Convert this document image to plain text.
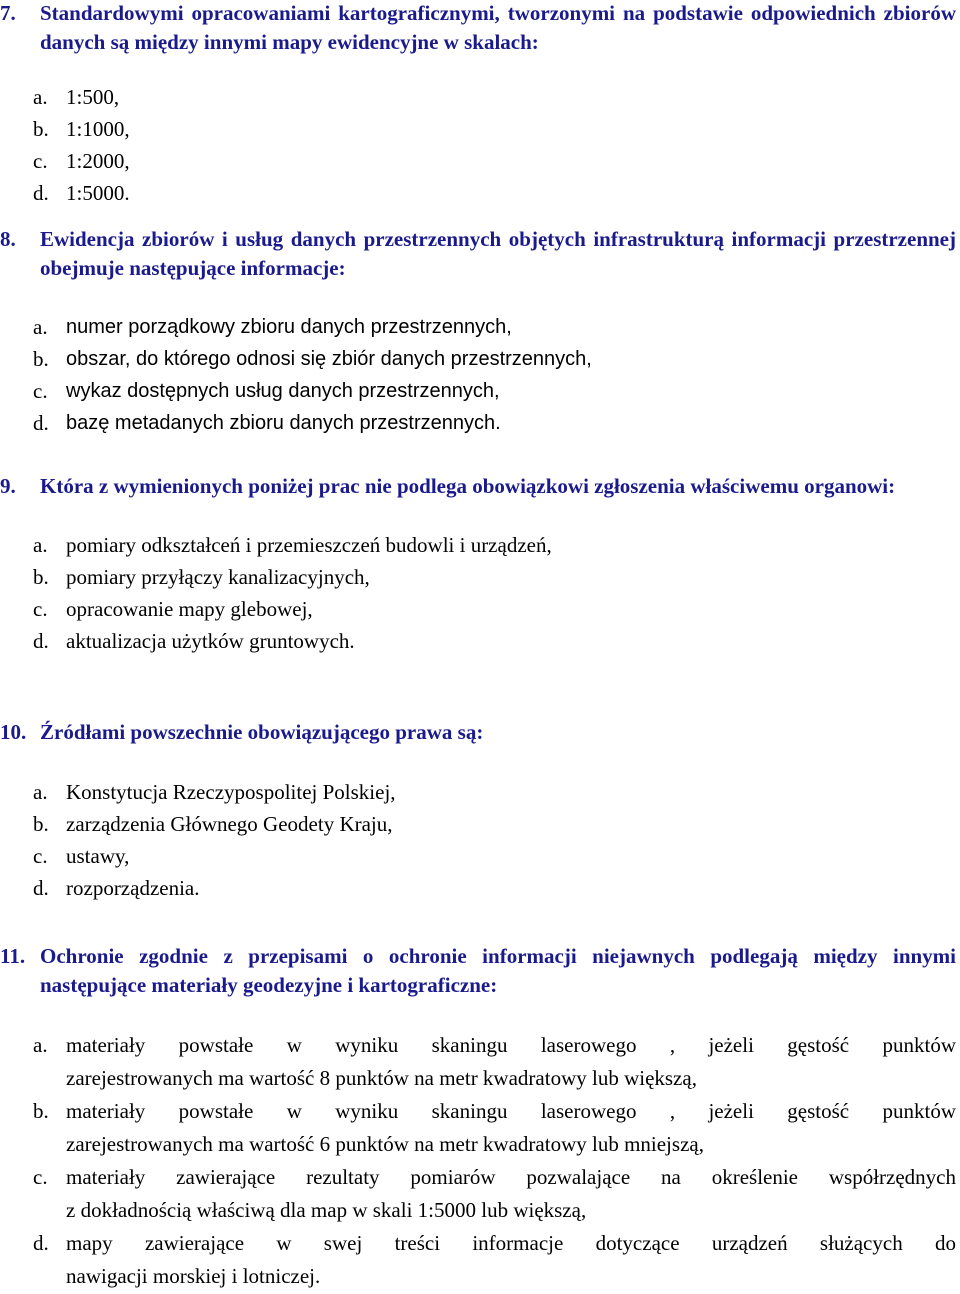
7.	Standardowymi opracowaniami kartograficznymi, tworzonymi na podstawie odpowiednich zbiorów danych są między innymi mapy ewidencyjne w skalach:
a. 1:500,
b. 1:1000,
c. 1:2000,
d. 1:5000.
8.	Ewidencja zbiorów i usług danych przestrzennych objętych infrastrukturą informacji przestrzennej obejmuje następujące informacje:
a. numer porządkowy zbioru danych przestrzennych,
b. obszar, do którego odnosi się zbiór danych przestrzennych,
c. wykaz dostępnych usług danych przestrzennych,
d. bazę metadanych zbioru danych przestrzennych.
9.	Która z wymienionych poniżej prac nie podlega obowiązkowi zgłoszenia właściwemu organowi:
a. pomiary odkształceń i przemieszczeń budowli i urządzeń,
b. pomiary przyłączy kanalizacyjnych,
c. opracowanie mapy glebowej,
d. aktualizacja użytków gruntowych.
10. Źródłami powszechnie obowiązującego prawa są:
a. Konstytucja Rzeczypospolitej Polskiej,
b. zarządzenia Głównego Geodety Kraju,
c. ustawy,
d. rozporządzenia.
11. Ochronie zgodnie z przepisami o ochronie informacji niejawnych podlegają między innymi następujące materiały geodezyjne i kartograficzne:
a. materiały powstałe w wyniku skaningu laserowego , jeżeli gęstość punktów
zarejestrowanych ma wartość 8 punktów na metr kwadratowy lub większą,
b. materiały powstałe w wyniku skaningu laserowego , jeżeli gęstość punktów
zarejestrowanych ma wartość 6 punktów na metr kwadratowy lub mniejszą,
c. materiały zawierające rezultaty pomiarów pozwalające na określenie współrzędnych
z dokładnością właściwą dla map w skali 1:5000 lub większą,
d. mapy zawierające w swej treści informacje dotyczące urządzeń służących do
nawigacji morskiej i lotniczej.
